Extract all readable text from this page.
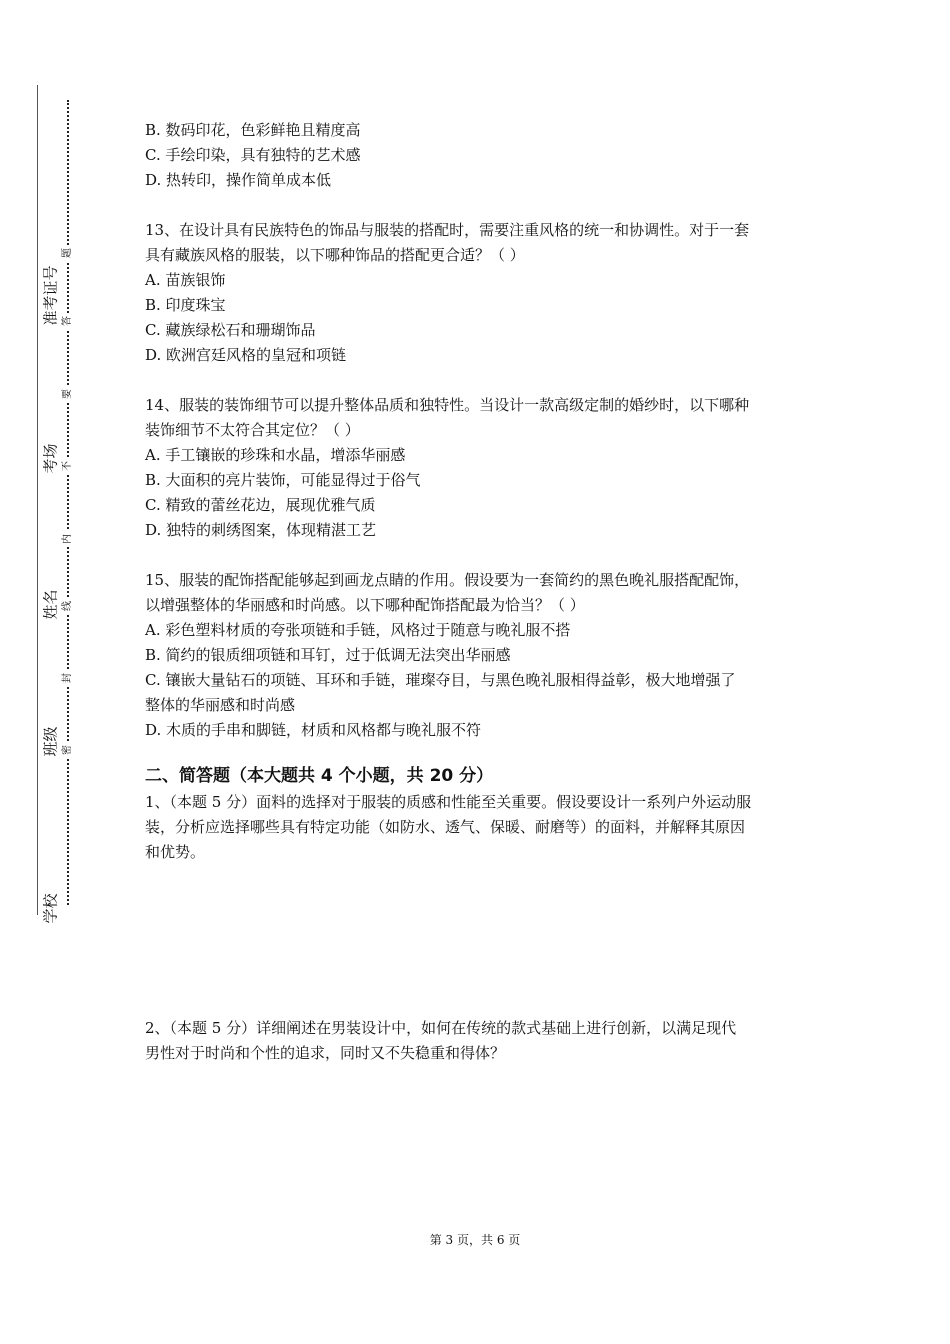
准考证号
考场
姓名
班级
学校
题
答
要
不
内
线
封
密
B. 数码印花，色彩鲜艳且精度高
C. 手绘印染，具有独特的艺术感
D. 热转印，操作简单成本低
13、在设计具有民族特色的饰品与服装的搭配时，需要注重风格的统一和协调性。对于一套
具有藏族风格的服装，以下哪种饰品的搭配更合适？（ ）
A. 苗族银饰
B. 印度珠宝
C. 藏族绿松石和珊瑚饰品
D. 欧洲宫廷风格的皇冠和项链
14、服装的装饰细节可以提升整体品质和独特性。当设计一款高级定制的婚纱时，以下哪种
装饰细节不太符合其定位？（ ）
A. 手工镶嵌的珍珠和水晶，增添华丽感
B. 大面积的亮片装饰，可能显得过于俗气
C. 精致的蕾丝花边，展现优雅气质
D. 独特的刺绣图案，体现精湛工艺
15、服装的配饰搭配能够起到画龙点睛的作用。假设要为一套简约的黑色晚礼服搭配配饰，
以增强整体的华丽感和时尚感。以下哪种配饰搭配最为恰当？（ ）
A. 彩色塑料材质的夸张项链和手链，风格过于随意与晚礼服不搭
B. 简约的银质细项链和耳钉，过于低调无法突出华丽感
C. 镶嵌大量钻石的项链、耳环和手链，璀璨夺目，与黑色晚礼服相得益彰，极大地增强了
整体的华丽感和时尚感
D. 木质的手串和脚链，材质和风格都与晚礼服不符
二、简答题（本大题共 4 个小题，共 20 分）
1、（本题 5 分）面料的选择对于服装的质感和性能至关重要。假设要设计一系列户外运动服
装，分析应选择哪些具有特定功能（如防水、透气、保暖、耐磨等）的面料，并解释其原因
和优势。
2、（本题 5 分）详细阐述在男装设计中，如何在传统的款式基础上进行创新，以满足现代
男性对于时尚和个性的追求，同时又不失稳重和得体？
第 3 页，共 6 页
